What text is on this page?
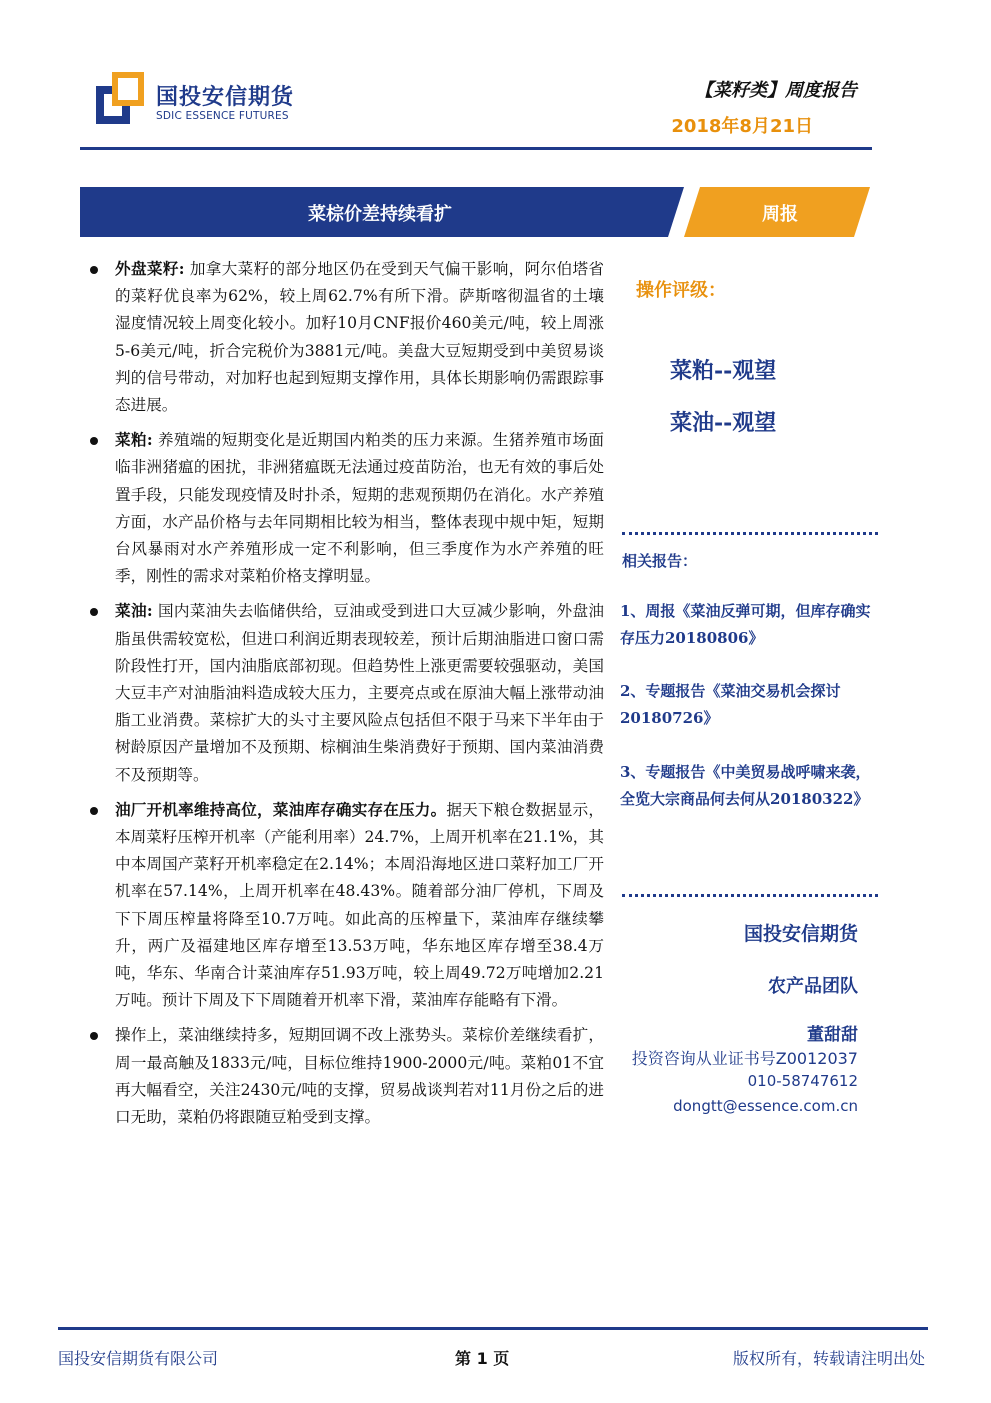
国投安信期货
SDIC ESSENCE FUTURES
【菜籽类】周度报告
2018年8月21日
菜棕价差持续看扩	周报
外盘菜籽: 加拿大菜籽的部分地区仍在受到天气偏干影响，阿尔伯塔省的菜籽优良率为62%，较上周62.7%有所下滑。萨斯喀彻温省的土壤湿度情况较上周变化较小。加籽10月CNF报价460美元/吨，较上周涨5-6美元/吨，折合完税价为3881元/吨。美盘大豆短期受到中美贸易谈判的信号带动，对加籽也起到短期支撑作用，具体长期影响仍需跟踪事态进展。
菜粕: 养殖端的短期变化是近期国内粕类的压力来源。生猪养殖市场面临非洲猪瘟的困扰，非洲猪瘟既无法通过疫苗防治，也无有效的事后处置手段，只能发现疫情及时扑杀，短期的悲观预期仍在消化。水产养殖方面，水产品价格与去年同期相比较为相当，整体表现中规中矩，短期台风暴雨对水产养殖形成一定不利影响，但三季度作为水产养殖的旺季，刚性的需求对菜粕价格支撑明显。
菜油: 国内菜油失去临储供给，豆油或受到进口大豆减少影响，外盘油脂虽供需较宽松，但进口利润近期表现较差，预计后期油脂进口窗口需阶段性打开，国内油脂底部初现。但趋势性上涨更需要较强驱动，美国大豆丰产对油脂油料造成较大压力，主要亮点或在原油大幅上涨带动油脂工业消费。菜棕扩大的头寸主要风险点包括但不限于马来下半年由于树龄原因产量增加不及预期、棕榈油生柴消费好于预期、国内菜油消费不及预期等。
油厂开机率维持高位，菜油库存确实存在压力。据天下粮仓数据显示，本周菜籽压榨开机率（产能利用率）24.7%，上周开机率在21.1%，其中本周国产菜籽开机率稳定在2.14%；本周沿海地区进口菜籽加工厂开机率在57.14%，上周开机率在48.43%。随着部分油厂停机，下周及下下周压榨量将降至10.7万吨。如此高的压榨量下，菜油库存继续攀升，两广及福建地区库存增至13.53万吨，华东地区库存增至38.4万吨，华东、华南合计菜油库存51.93万吨，较上周49.72万吨增加2.21万吨。预计下周及下下周随着开机率下滑，菜油库存能略有下滑。
操作上，菜油继续持多，短期回调不改上涨势头。菜棕价差继续看扩，周一最高触及1833元/吨，目标位维持1900-2000元/吨。菜粕01不宜再大幅看空，关注2430元/吨的支撑，贸易战谈判若对11月份之后的进口无助，菜粕仍将跟随豆粕受到支撑。
操作评级：
菜粕--观望
菜油--观望
相关报告：
1、周报《菜油反弹可期，但库存确实存压力20180806》
2、专题报告《菜油交易机会探讨20180726》
3、专题报告《中美贸易战呼啸来袭，全览大宗商品何去何从20180322》
国投安信期货
农产品团队
董甜甜
投资咨询从业证书号Z0012037
010-58747612
dongtt@essence.com.cn
国投安信期货有限公司	第 1 页	版权所有，转载请注明出处
